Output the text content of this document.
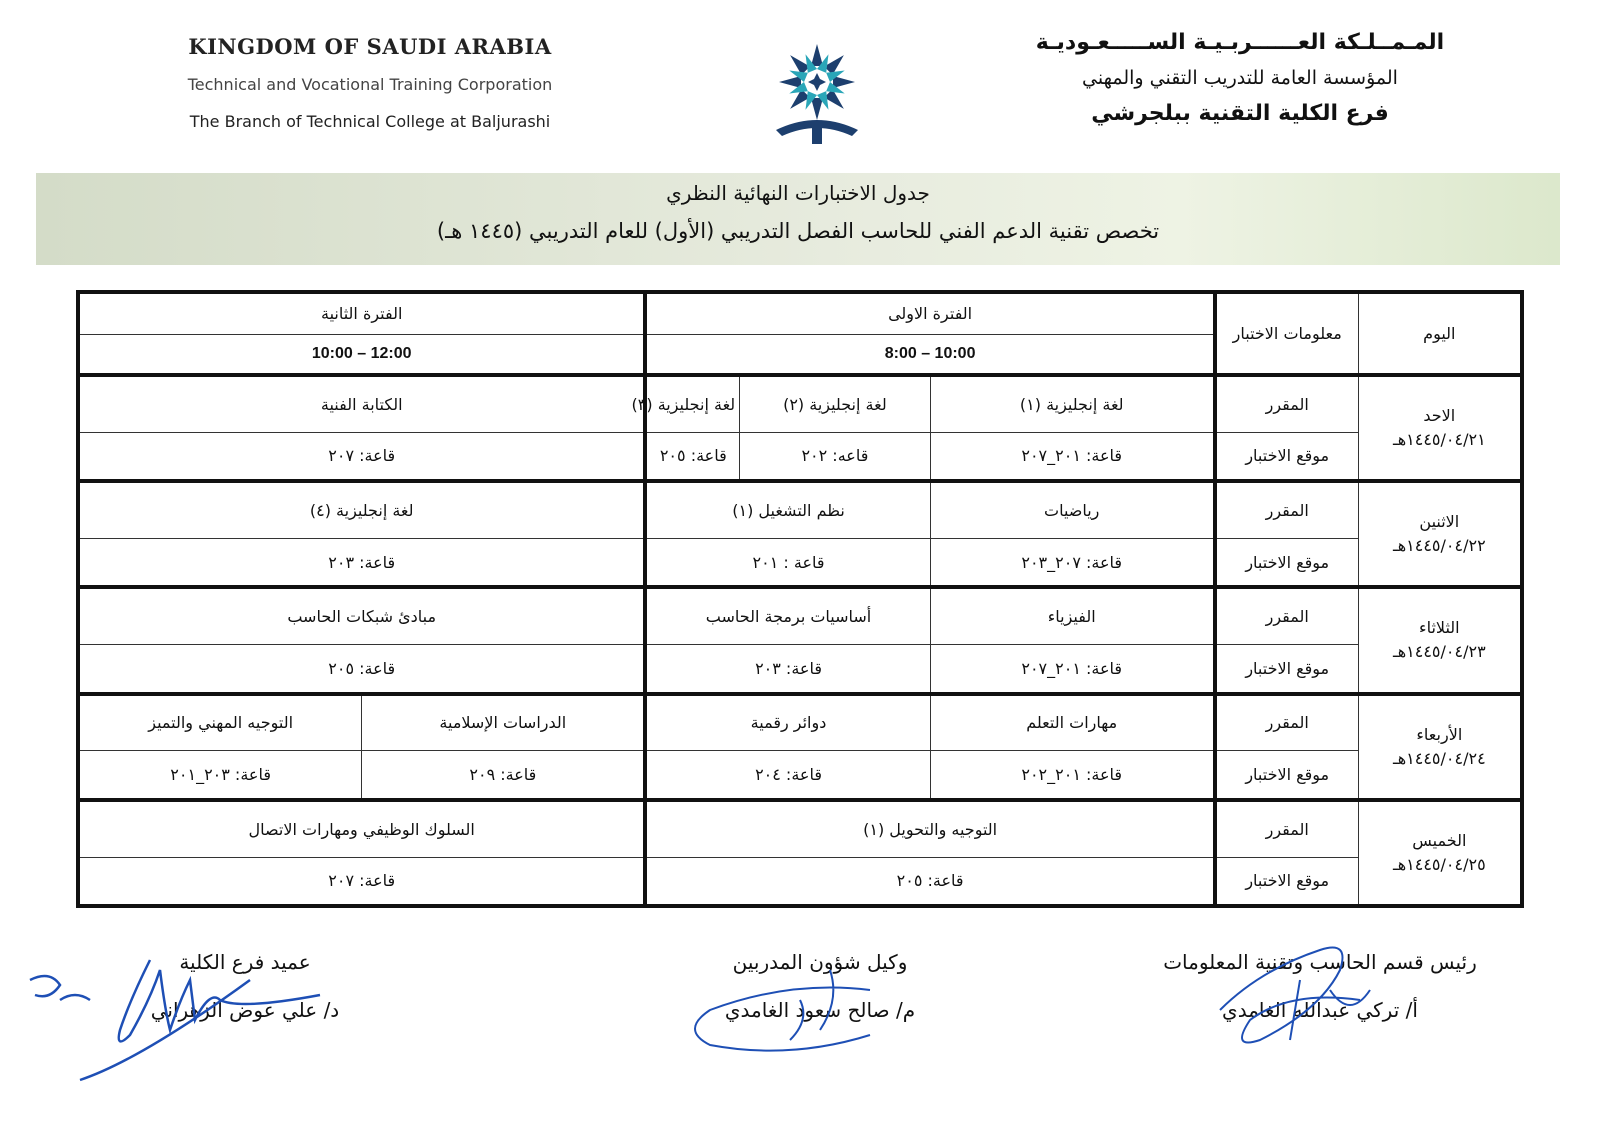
KINGDOM OF SAUDI ARABIA
Technical and Vocational Training Corporation
The Branch of Technical College at Baljurashi
المـمــلـكة العــــــربـيـة الســـــعـوديـة
المؤسسة العامة للتدريب التقني والمهني
فرع الكلية التقنية ببلجرشي
جدول الاختبارات النهائية النظري
تخصص تقنية الدعم الفني للحاسب الفصل التدريبي (الأول) للعام التدريبي (١٤٤٥ هـ)
اليوم	معلومات الاختبار	الفترة الاولى			الفترة الثانية	
		8:00 – 10:00			10:00 – 12:00	
الاحد
١٤٤٥/٠٤/٢١هـ	المقرر	لغة إنجليزية (١)	لغة إنجليزية (٢)	لغة إنجليزية (٣)	الكتابة الفنية	
	موقع الاختبار	قاعة: ٢٠١_٢٠٧	قاعه: ٢٠٢	قاعة: ٢٠٥	قاعة: ٢٠٧	
الاثنين
١٤٤٥/٠٤/٢٢هـ	المقرر	رياضيات	نظم التشغيل (١)		لغة إنجليزية (٤)	
	موقع الاختبار	قاعة: ٢٠٧_٢٠٣	قاعة : ٢٠١		قاعة: ٢٠٣	
الثلاثاء
١٤٤٥/٠٤/٢٣هـ	المقرر	الفيزياء	أساسيات برمجة الحاسب		مبادئ شبكات الحاسب	
	موقع الاختبار	قاعة: ٢٠١_٢٠٧	قاعة: ٢٠٣		قاعة: ٢٠٥	
الأربعاء
١٤٤٥/٠٤/٢٤هـ	المقرر	مهارات التعلم	دوائر رقمية		الدراسات الإسلامية	التوجيه المهني والتميز
	موقع الاختبار	قاعة: ٢٠١_٢٠٢	قاعة: ٢٠٤		قاعة: ٢٠٩	قاعة: ٢٠٣_٢٠١
الخميس
١٤٤٥/٠٤/٢٥هـ	المقرر	التوجيه والتحويل (١)			السلوك الوظيفي ومهارات الاتصال	
	موقع الاختبار	قاعة: ٢٠٥			قاعة: ٢٠٧	
رئيس قسم الحاسب وتقنية المعلومات
أ/ تركي عبدالله الغامدي
وكيل شؤون المدربين
م/ صالح سعود الغامدي
عميد فرع الكلية
د/ علي عوض الزهراني
